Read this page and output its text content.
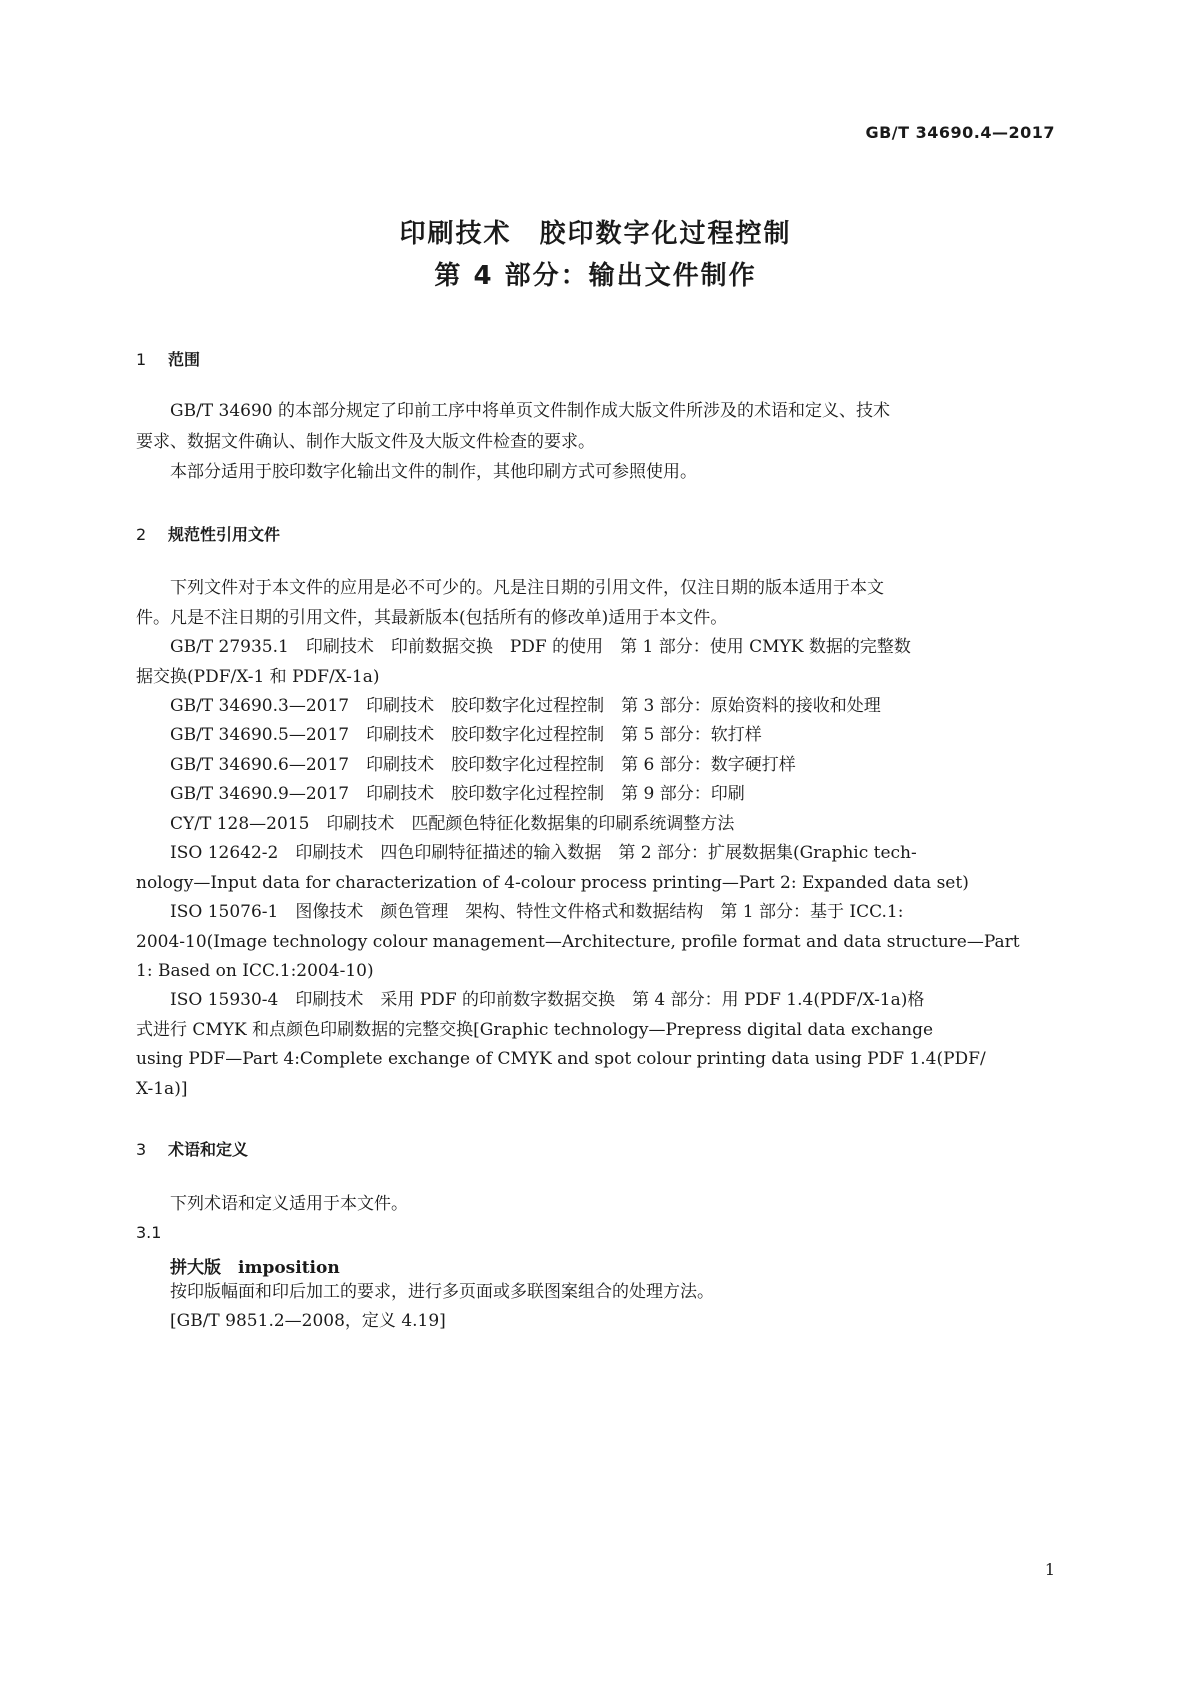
GB/T 34690.4—2017
印刷技术　胶印数字化过程控制
第 4 部分：输出文件制作
1 范围
GB/T 34690 的本部分规定了印前工序中将单页文件制作成大版文件所涉及的术语和定义、技术
要求、数据文件确认、制作大版文件及大版文件检查的要求。
本部分适用于胶印数字化输出文件的制作，其他印刷方式可参照使用。
2 规范性引用文件
下列文件对于本文件的应用是必不可少的。凡是注日期的引用文件，仅注日期的版本适用于本文
件。凡是不注日期的引用文件，其最新版本(包括所有的修改单)适用于本文件。
GB/T 27935.1　印刷技术　印前数据交换　PDF 的使用　第 1 部分：使用 CMYK 数据的完整数
据交换(PDF/X-1 和 PDF/X-1a)
GB/T 34690.3—2017　印刷技术　胶印数字化过程控制　第 3 部分：原始资料的接收和处理
GB/T 34690.5—2017　印刷技术　胶印数字化过程控制　第 5 部分：软打样
GB/T 34690.6—2017　印刷技术　胶印数字化过程控制　第 6 部分：数字硬打样
GB/T 34690.9—2017　印刷技术　胶印数字化过程控制　第 9 部分：印刷
CY/T 128—2015　印刷技术　匹配颜色特征化数据集的印刷系统调整方法
ISO 12642-2　印刷技术　四色印刷特征描述的输入数据　第 2 部分：扩展数据集(Graphic tech-
nology—Input data for characterization of 4-colour process printing—Part 2: Expanded data set)
ISO 15076-1　图像技术　颜色管理　架构、特性文件格式和数据结构　第 1 部分：基于 ICC.1:
2004-10(Image technology colour management—Architecture, profile format and data structure—Part
1: Based on ICC.1:2004-10)
ISO 15930-4　印刷技术　采用 PDF 的印前数字数据交换　第 4 部分：用 PDF 1.4(PDF/X-1a)格
式进行 CMYK 和点颜色印刷数据的完整交换[Graphic technology—Prepress digital data exchange
using PDF—Part 4:Complete exchange of CMYK and spot colour printing data using PDF 1.4(PDF/
X-1a)]
3 术语和定义
下列术语和定义适用于本文件。
3.1
拼大版　imposition
按印版幅面和印后加工的要求，进行多页面或多联图案组合的处理方法。
[GB/T 9851.2—2008，定义 4.19]
1
